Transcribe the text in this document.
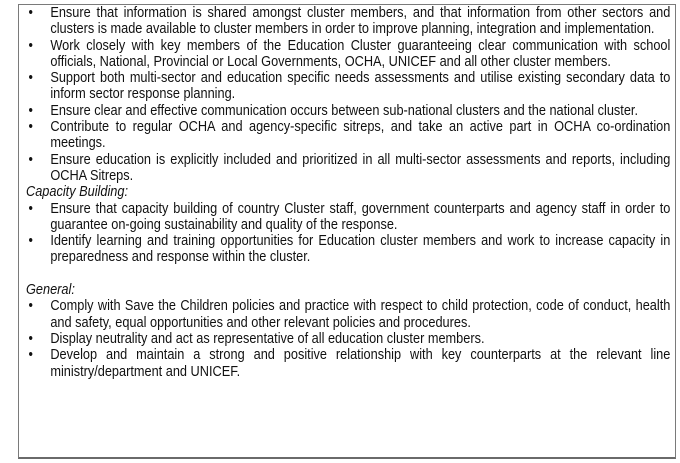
• Ensure that information is shared amongst cluster members, and that information from other sectors and clusters is made available to cluster members in order to improve planning, integration and implementation.
• Work closely with key members of the Education Cluster guaranteeing clear communication with school officials, National, Provincial or Local Governments, OCHA, UNICEF and all other cluster members.
• Support both multi-sector and education specific needs assessments and utilise existing secondary data to inform sector response planning.
• Ensure clear and effective communication occurs between sub-national clusters and the national cluster.
• Contribute to regular OCHA and agency-specific sitreps, and take an active part in OCHA co-ordination meetings.
• Ensure education is explicitly included and prioritized in all multi-sector assessments and reports, including OCHA Sitreps.
Capacity Building:
• Ensure that capacity building of country Cluster staff, government counterparts and agency staff in order to guarantee on-going sustainability and quality of the response.
• Identify learning and training opportunities for Education cluster members and work to increase capacity in preparedness and response within the cluster.
General:
• Comply with Save the Children policies and practice with respect to child protection, code of conduct, health and safety, equal opportunities and other relevant policies and procedures.
• Display neutrality and act as representative of all education cluster members.
• Develop and maintain a strong and positive relationship with key counterparts at the relevant line ministry/department and UNICEF.
